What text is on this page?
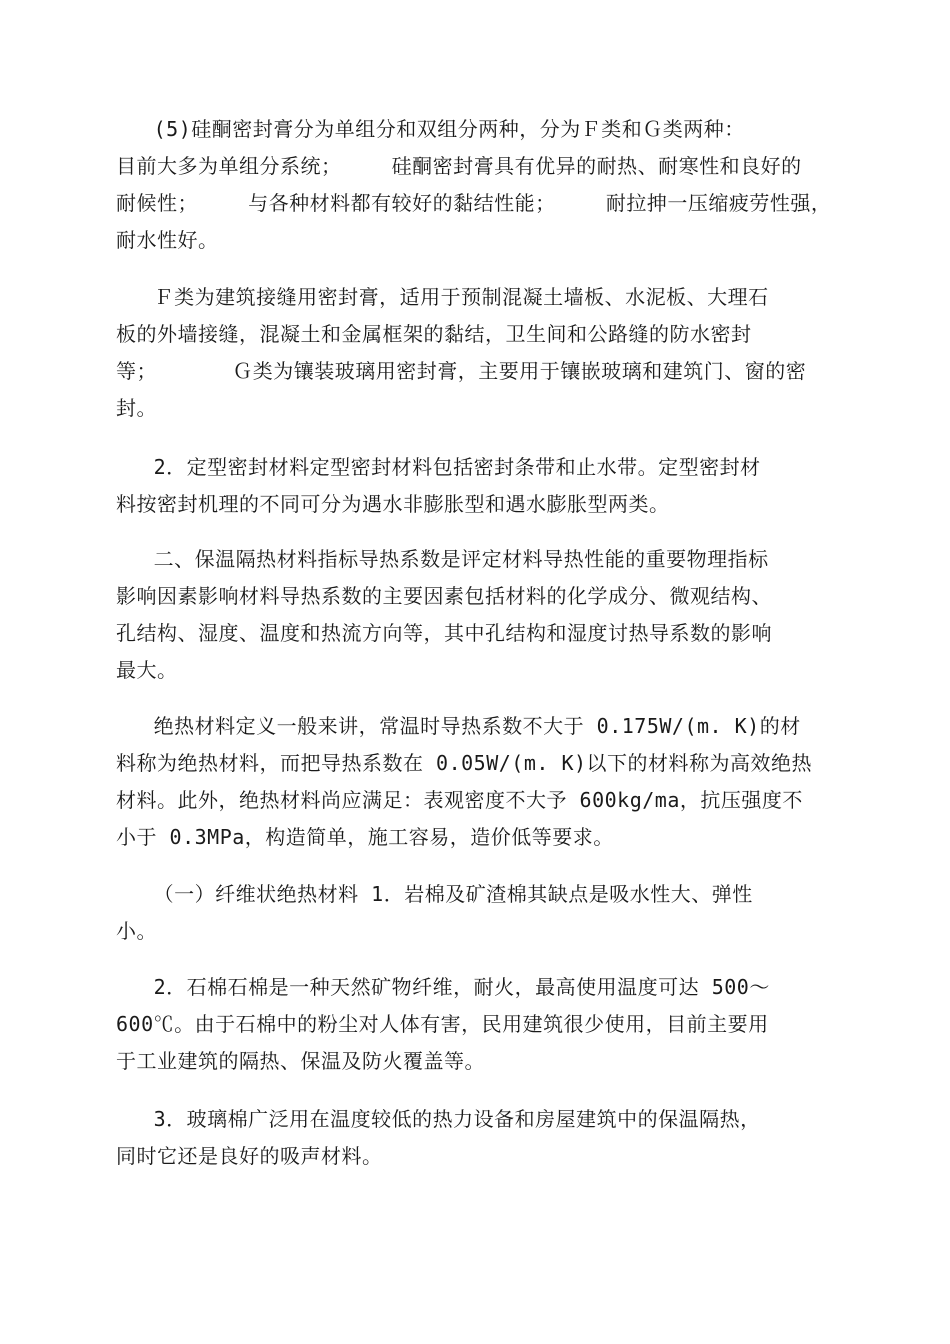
(5)硅酮密封膏分为单组分和双组分两种，分为Ｆ类和Ｇ类两种：
目前大多为单组分系统；    硅酮密封膏具有优异的耐热、耐寒性和良好的
耐候性；    与各种材料都有较好的黏结性能；    耐拉抻一压缩疲劳性强，
耐水性好。
Ｆ类为建筑接缝用密封膏，适用于预制混凝土墙板、水泥板、大理石
板的外墙接缝，混凝土和金属框架的黏结，卫生间和公路缝的防水密封
等；      Ｇ类为镶装玻璃用密封膏，主要用于镶嵌玻璃和建筑门、窗的密
封。
2．定型密封材料定型密封材料包括密封条带和止水带。定型密封材
料按密封机理的不同可分为遇水非膨胀型和遇水膨胀型两类。
二、保温隔热材料指标导热系数是评定材料导热性能的重要物理指标
影响因素影响材料导热系数的主要因素包括材料的化学成分、微观结构、
孔结构、湿度、温度和热流方向等，其中孔结构和湿度讨热导系数的影响
最大。
绝热材料定义一般来讲，常温时导热系数不大于 0.175W/(m. K)的材
料称为绝热材料，而把导热系数在 0.05W/(m. K)以下的材料称为高效绝热
材料。此外，绝热材料尚应满足：表观密度不大予 600kg/ma，抗压强度不
小于 0.3MPa，构造简单，施工容易，造价低等要求。
（一）纤维状绝热材料 1．岩棉及矿渣棉其缺点是吸水性大、弹性
小。
2．石棉石棉是一种天然矿物纤维，耐火，最高使用温度可达 500～
600℃。由于石棉中的粉尘对人体有害，民用建筑很少使用，目前主要用
于工业建筑的隔热、保温及防火覆盖等。
3．玻璃棉广泛用在温度较低的热力设备和房屋建筑中的保温隔热，
同时它还是良好的吸声材料。
